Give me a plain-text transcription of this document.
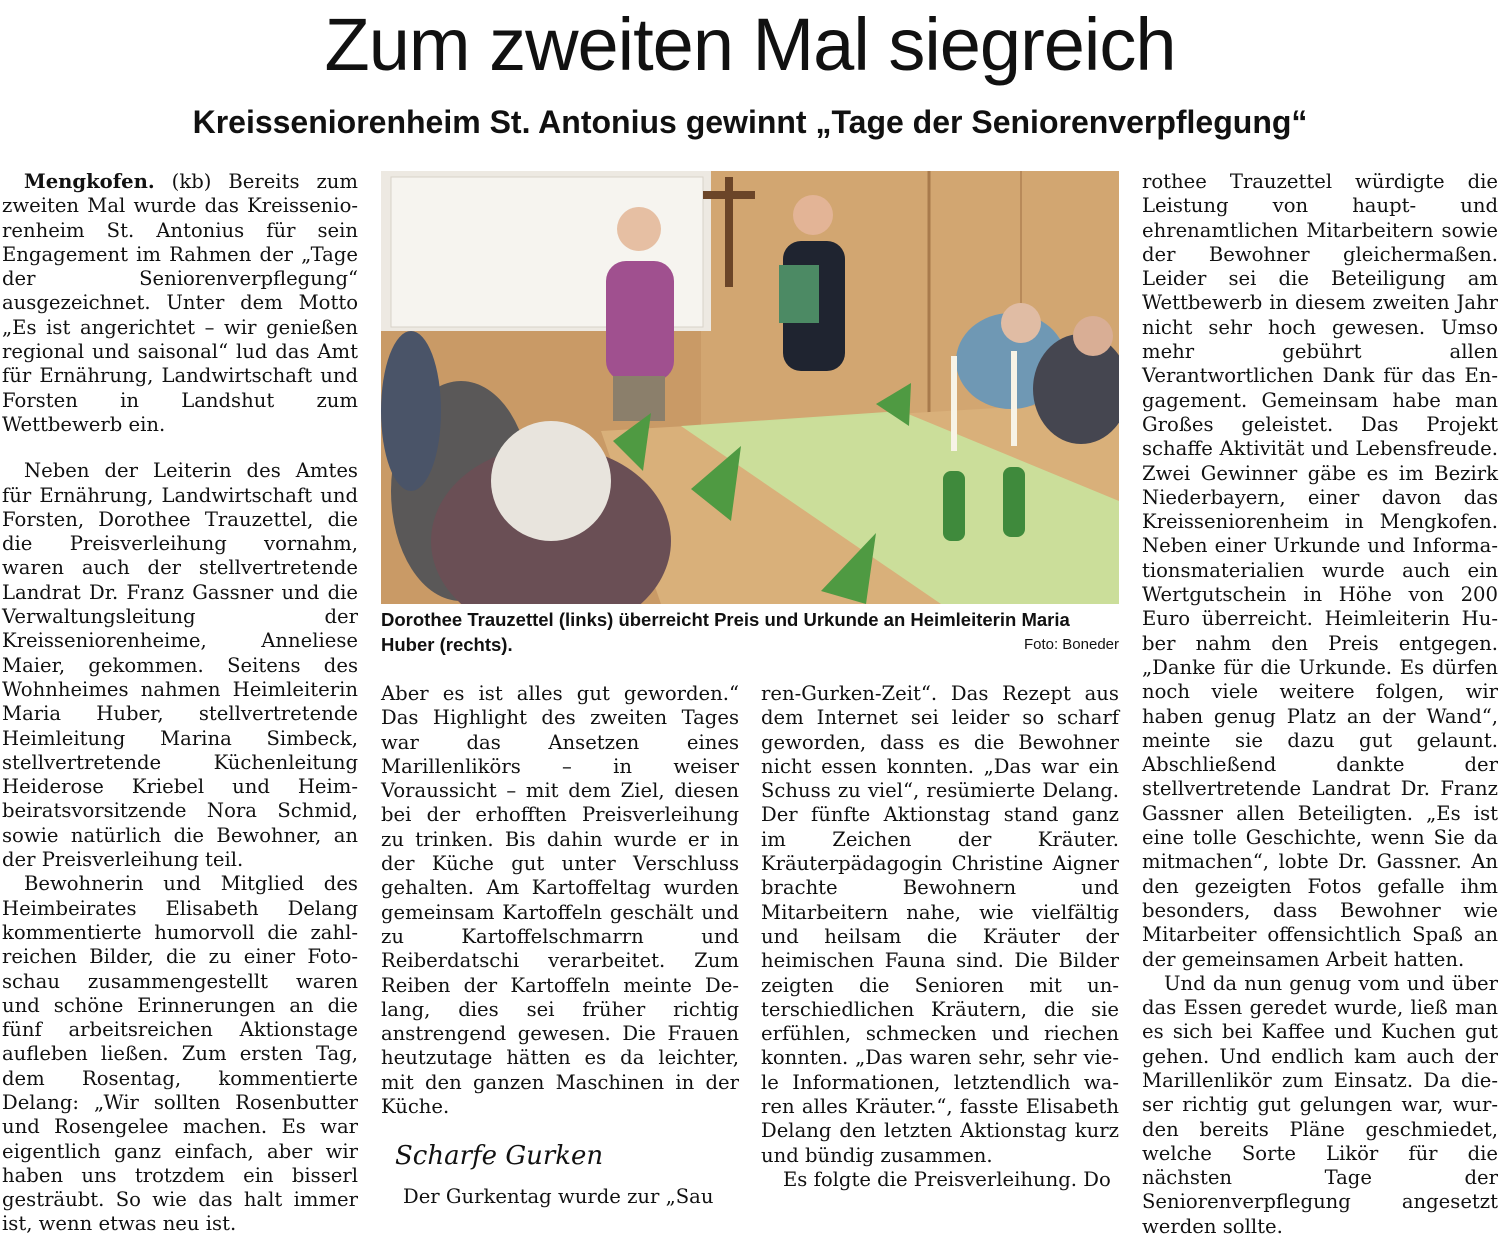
Zum zweiten Mal siegreich
Kreisseniorenheim St. Antonius gewinnt „Tage der Seniorenverpflegung“

Mengkofen. (kb) Bereits zum zweiten Mal wurde das Kreisseniorenheim St. Antonius für sein Engagement im Rahmen der „Tage der Seniorenverpflegung“ ausgezeichnet. Unter dem Motto „Es ist angerichtet – wir genießen regional und saisonal“ lud das Amt für Ernährung, Landwirtschaft und Forsten in Landshut zum Wettbewerb ein.

Neben der Leiterin des Amtes für Ernährung, Landwirtschaft und Forsten, Dorothee Trauzettel, die die Preisverleihung vornahm, waren auch der stellvertretende Landrat Dr. Franz Gassner und die Verwaltungsleitung der Kreisseniorenheime, Anneliese Maier, gekommen. Seitens des Wohnheimes nahmen Heimleiterin Maria Huber, stellvertretende Heimleitung Marina Simbeck, stellvertretende Küchenleitung Heiderose Kriebel und Heimbeiratsvorsitzende Nora Schmid, sowie natürlich die Bewohner, an der Preisverleihung teil.

Bewohnerin und Mitglied des Heimbeirates Elisabeth Delang kommentierte humorvoll die zahlreichen Bilder, die zu einer Fotoschau zusammengestellt waren und schöne Erinnerungen an die fünf arbeitsreichen Aktionstage aufleben ließen. Zum ersten Tag, dem Rosentag, kommentierte Delang: „Wir sollten Rosenbutter und Rosengelee machen. Es war eigentlich ganz einfach, aber wir haben uns trotzdem ein bisserl gesträubt. So wie das halt immer ist, wenn etwas neu ist.

Dorothee Trauzettel (links) überreicht Preis und Urkunde an Heimleiterin Maria Huber (rechts).	Foto: Boneder

Aber es ist alles gut geworden.“ Das Highlight des zweiten Tages war das Ansetzen eines Marillenlikörs – in weiser Voraussicht – mit dem Ziel, diesen bei der erhofften Preisverleihung zu trinken. Bis dahin wurde er in der Küche gut unter Verschluss gehalten. Am Kartoffeltag wurden gemeinsam Kartoffeln geschält und zu Kartoffelschmarrn und Reiberdatschi verarbeitet. Zum Reiben der Kartoffeln meinte Delang, dies sei früher richtig anstrengend gewesen. Die Frauen heutzutage hätten es da leichter, mit den ganzen Maschinen in der Küche.

Scharfe Gurken

Der Gurkentag wurde zur „Sau

ren-Gurken-Zeit“. Das Rezept aus dem Internet sei leider so scharf geworden, dass es die Bewohner nicht essen konnten. „Das war ein Schuss zu viel“, resümierte Delang. Der fünfte Aktionstag stand ganz im Zeichen der Kräuter. Kräuterpädagogin Christine Aigner brachte Bewohnern und Mitarbeitern nahe, wie vielfältig und heilsam die Kräuter der heimischen Fauna sind. Die Bilder zeigten die Senioren mit unterschiedlichen Kräutern, die sie erfühlen, schmecken und riechen konnten. „Das waren sehr, sehr viele Informationen, letztendlich waren alles Kräuter.“, fasste Elisabeth Delang den letzten Aktionstag kurz und bündig zusammen.

Es folgte die Preisverleihung. Do

rothee Trauzettel würdigte die Leistung von haupt- und ehrenamtlichen Mitarbeitern sowie der Bewohner gleichermaßen. Leider sei die Beteiligung am Wettbewerb in diesem zweiten Jahr nicht sehr hoch gewesen. Umso mehr gebührt allen Verantwortlichen Dank für das Engagement. Gemeinsam habe man Großes geleistet. Das Projekt schaffe Aktivität und Lebensfreude. Zwei Gewinner gäbe es im Bezirk Niederbayern, einer davon das Kreisseniorenheim in Mengkofen. Neben einer Urkunde und Informationsmaterialien wurde auch ein Wertgutschein in Höhe von 200 Euro überreicht. Heimleiterin Huber nahm den Preis entgegen. „Danke für die Urkunde. Es dürfen noch viele weitere folgen, wir haben genug Platz an der Wand“, meinte sie dazu gut gelaunt. Abschließend dankte der stellvertretende Landrat Dr. Franz Gassner allen Beteiligten. „Es ist eine tolle Geschichte, wenn Sie da mitmachen“, lobte Dr. Gassner. An den gezeigten Fotos gefalle ihm besonders, dass Bewohner wie Mitarbeiter offensichtlich Spaß an der gemeinsamen Arbeit hatten.

Und da nun genug vom und über das Essen geredet wurde, ließ man es sich bei Kaffee und Kuchen gut gehen. Und endlich kam auch der Marillenlikör zum Einsatz. Da dieser richtig gut gelungen war, wurden bereits Pläne geschmiedet, welche Sorte Likör für die nächsten Tage der Seniorenverpflegung angesetzt werden sollte.
